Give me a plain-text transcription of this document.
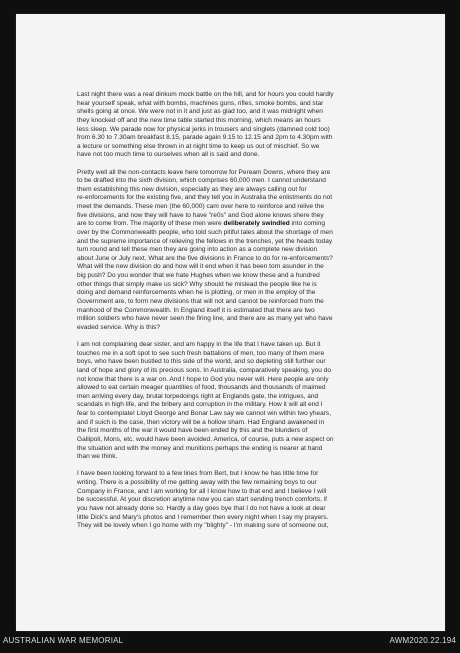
Last night there was a real dinkum mock battle on the hill, and for hours you could hardly
hear yourself speak, what with bombs, machines guns, rifles, smoke bombs, and star
shells going at once. We were not in it and just as glad too, and it was midnight when
they knocked off and the new time table started this morning, which means an hours
less sleep. We parade now for physical jerks in trousers and singlets (damned cold too)
from 6.30 to 7.30am breakfast 8.15, parade again 9.15 to 12.15 and 2pm to 4.30pm with
a lecture or something else thrown in at night time to keep us out of mischief. So we
have not too much time to ourselves when all is said and done.
Pretty well all the non-contacts leave here tomorrow for Peream Downs, where they are
to be drafted into the sixth division, which comprises 60,000 men. I cannot understand
them establishing this new division, especially as they are always calling out for
re-enforcements for the existing five, and they tell you in Australia the enlistments do not
meet the demands. These men (the 60,000) cam over here to reinforce and relive the
five divisions, and now they will have to have "re0s" and God alone knows shere they
are to come from. The majority of these men were deliberately swindled into coming
over by the Commonwealth people, who told such pitiful tales about the shortage of men
and the supreme importance of relieving the fellows in the trenches, yet the heads today
turn round and tell these men they are going into action as a complete new division
about June or July next. What are the five divisions in France to do for re-enforcements?
What will the new division do and how will it end when it has been torn asunder in the
big push? Do you wonder that we hate Hughes when we know these and a hundred
other things that simply make us sick? Why should he mislead the people like he is
doing and demand reinforcements when he is plotting, or men in the employ of the
Government are, to form new divisions that will not and cannot be reinforced from the
manhood of the Commonwealth. In England itself it is estimated that there are two
million soldiers who have never seen the firing line, and there are as many yet who have
evaded service. Why is this?
I am not complaining dear sister, and am happy in the life that I have taken up. But it
touches me in a soft spot to see such fresh battalions of men, too many of them mere
boys, who have been bustled to this side of the world, and so depleting still further our
land of hope and glory of its precious sons. In Australia, comparatively speaking, you do
not know that there is a war on. And I hope to God you never will. Here people are only
allowed to eat certain meager quantities of food, thousands and thousands of maimed
men arriving every day, brutal torpedoings right at Englands gate, the intrigues, and
scandals in high life, and the bribery and corruption in the military. How it will all end I
fear to contemplate! Lloyd George and Bonar Law say we cannot win within two yhears,
and if suich is the case, then victory will be a hollow sham. Had England awakened in
the first months of the war it would have been ended by this and the blunders of
Gallipoli, Mons, etc. would have been avoided. America, of course, puts a new aspect on
the situation and with the money and munitions perhaps the ending is nearer at hand
than we think.
I have been looking forward to a few lines from Bert, but I know he has little time for
writing. There is a possibility of me getting away with the few remaining boys to our
Company in France, and I am working for all I know how to that end and I believe I will
be successful. At your discretion anytime now you can start sending trench comforts, if
you have not already done so. Hardly a day goes bye that I do not have a look at dear
little Dick's and Mary's photos and I remember then every night when I say my prayers.
They will be lovely when I go home with my "blighty" - I'm making sure of someone out,
AUSTRALIAN WAR MEMORIAL	AWM2020.22.194
